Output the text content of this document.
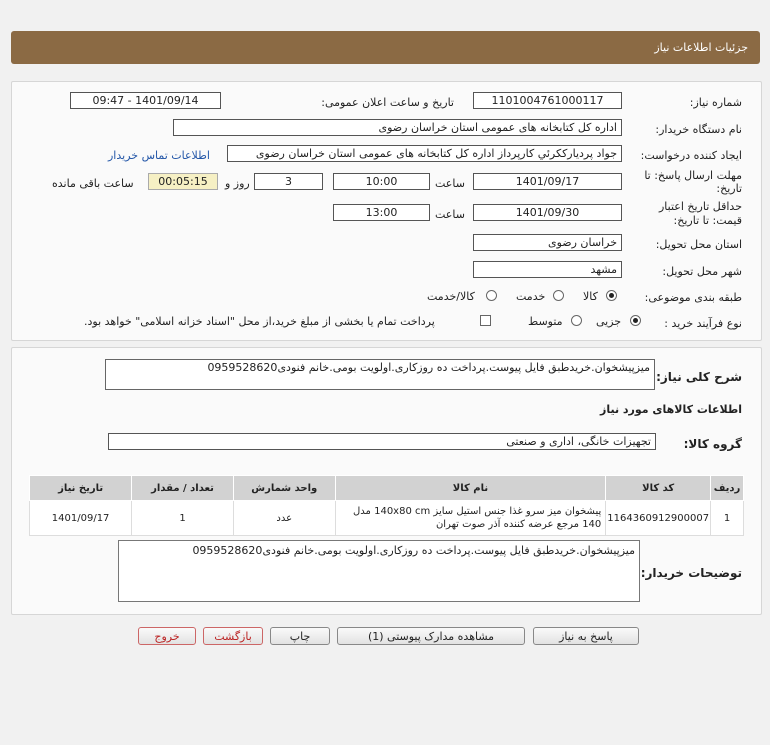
جزئیات اطلاعات نیاز
شماره نیاز:
1101004761000117
تاریخ و ساعت اعلان عمومی:
1401/09/14 - 09:47
نام دستگاه خریدار:
اداره کل کتابخانه های عمومی استان خراسان رضوی
ایجاد کننده درخواست:
جواد پرديارککرئي کارپرداز اداره کل کتابخانه های عمومی استان خراسان رضوی
اطلاعات تماس خریدار
مهلت ارسال پاسخ: تا
تاریخ:
1401/09/17
ساعت
10:00
3
روز و
00:05:15
ساعت باقی مانده
حداقل تاریخ اعتبار
قیمت: تا تاریخ:
1401/09/30
ساعت
13:00
استان محل تحویل:
خراسان رضوی
شهر محل تحویل:
مشهد
طبقه بندی موضوعی:
کالا
خدمت
کالا/خدمت
نوع فرآیند خرید :
جزیی
متوسط
پرداخت تمام یا بخشی از مبلغ خرید،از محل "اسناد خزانه اسلامی" خواهد بود.
شرح کلی نیاز:
میزپیشخوان.خریدطبق فایل پیوست.پرداخت ده روزکاری.اولویت بومی.خانم فنودی0959528620
اطلاعات کالاهای مورد نیاز
گروه کالا:
تجهیزات خانگی، اداری و صنعتی
ردیف	کد کالا	نام کالا	واحد شمارش	تعداد / مقدار	تاریخ نیاز
1	1164360912900007	پیشخوان میز سرو غذا جنس استیل سایز 140x80 cm مدل 140 مرجع عرضه کننده آذر صوت تهران	عدد	1	1401/09/17
توضیحات خریدار:
میزپیشخوان.خریدطبق فایل پیوست.پرداخت ده روزکاری.اولویت بومی.خانم فنودی0959528620
پاسخ به نیاز
مشاهده مدارک پیوستی (1)
چاپ
بازگشت
خروج
